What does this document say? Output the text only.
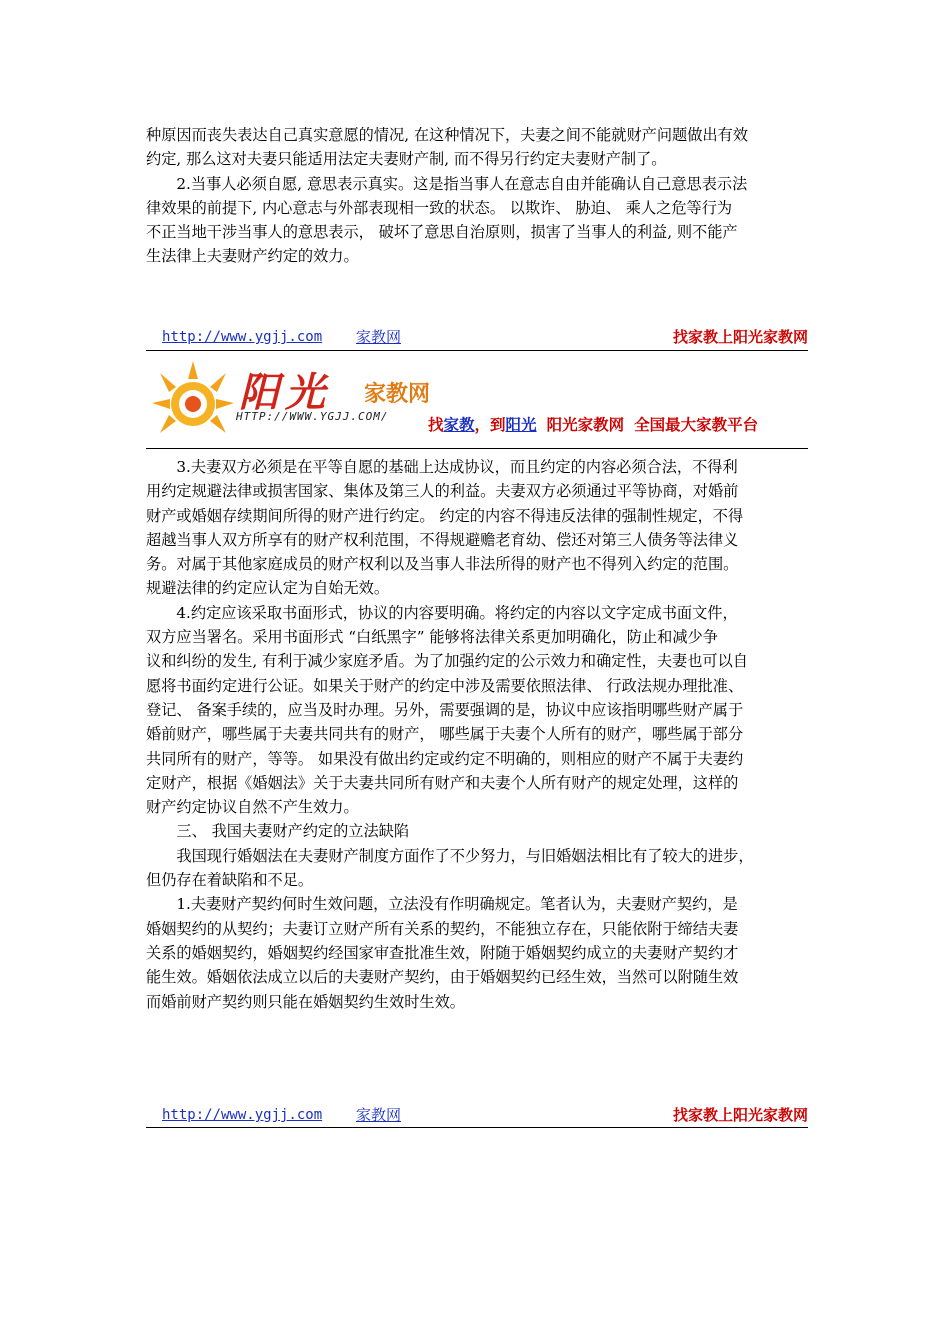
种原因而丧失表达自己真实意愿的情况, 在这种情况下，夫妻之间不能就财产问题做出有效
约定, 那么这对夫妻只能适用法定夫妻财产制, 而不得另行约定夫妻财产制了。
2.当事人必须自愿, 意思表示真实。这是指当事人在意志自由并能确认自己意思表示法
律效果的前提下, 内心意志与外部表现相一致的状态。 以欺诈、 胁迫、 乘人之危等行为
不正当地干涉当事人的意思表示， 破坏了意思自治原则，损害了当事人的利益, 则不能产
生法律上夫妻财产约定的效力。
http://www.ygjj.com 家教网	找家教上阳光家教网
阳光 家教网
HTTP://WWW.YGJJ.COM/	找家教，到阳光 阳光家教网 全国最大家教平台
3.夫妻双方必须是在平等自愿的基础上达成协议，而且约定的内容必须合法，不得利
用约定规避法律或损害国家、集体及第三人的利益。夫妻双方必须通过平等协商，对婚前
财产或婚姻存续期间所得的财产进行约定。 约定的内容不得违反法律的强制性规定，不得
超越当事人双方所享有的财产权利范围，不得规避赡老育幼、偿还对第三人债务等法律义
务。对属于其他家庭成员的财产权利以及当事人非法所得的财产也不得列入约定的范围。
规避法律的约定应认定为自始无效。
4.约定应该采取书面形式，协议的内容要明确。将约定的内容以文字定成书面文件，
双方应当署名。采用书面形式 “白纸黑字” 能够将法律关系更加明确化，防止和减少争
议和纠纷的发生, 有利于减少家庭矛盾。为了加强约定的公示效力和确定性，夫妻也可以自
愿将书面约定进行公证。如果关于财产的约定中涉及需要依照法律、 行政法规办理批准、
登记、 备案手续的，应当及时办理。另外，需要强调的是，协议中应该指明哪些财产属于
婚前财产，哪些属于夫妻共同共有的财产， 哪些属于夫妻个人所有的财产，哪些属于部分
共同所有的财产，等等。 如果没有做出约定或约定不明确的，则相应的财产不属于夫妻约
定财产，根据《婚姻法》关于夫妻共同所有财产和夫妻个人所有财产的规定处理，这样的
财产约定协议自然不产生效力。
三、 我国夫妻财产约定的立法缺陷
我国现行婚姻法在夫妻财产制度方面作了不少努力，与旧婚姻法相比有了较大的进步，
但仍存在着缺陷和不足。
1.夫妻财产契约何时生效问题，立法没有作明确规定。笔者认为，夫妻财产契约，是
婚姻契约的从契约；夫妻订立财产所有关系的契约，不能独立存在，只能依附于缔结夫妻
关系的婚姻契约，婚姻契约经国家审查批准生效，附随于婚姻契约成立的夫妻财产契约才
能生效。婚姻依法成立以后的夫妻财产契约，由于婚姻契约已经生效，当然可以附随生效
而婚前财产契约则只能在婚姻契约生效时生效。
http://www.ygjj.com 家教网	找家教上阳光家教网
